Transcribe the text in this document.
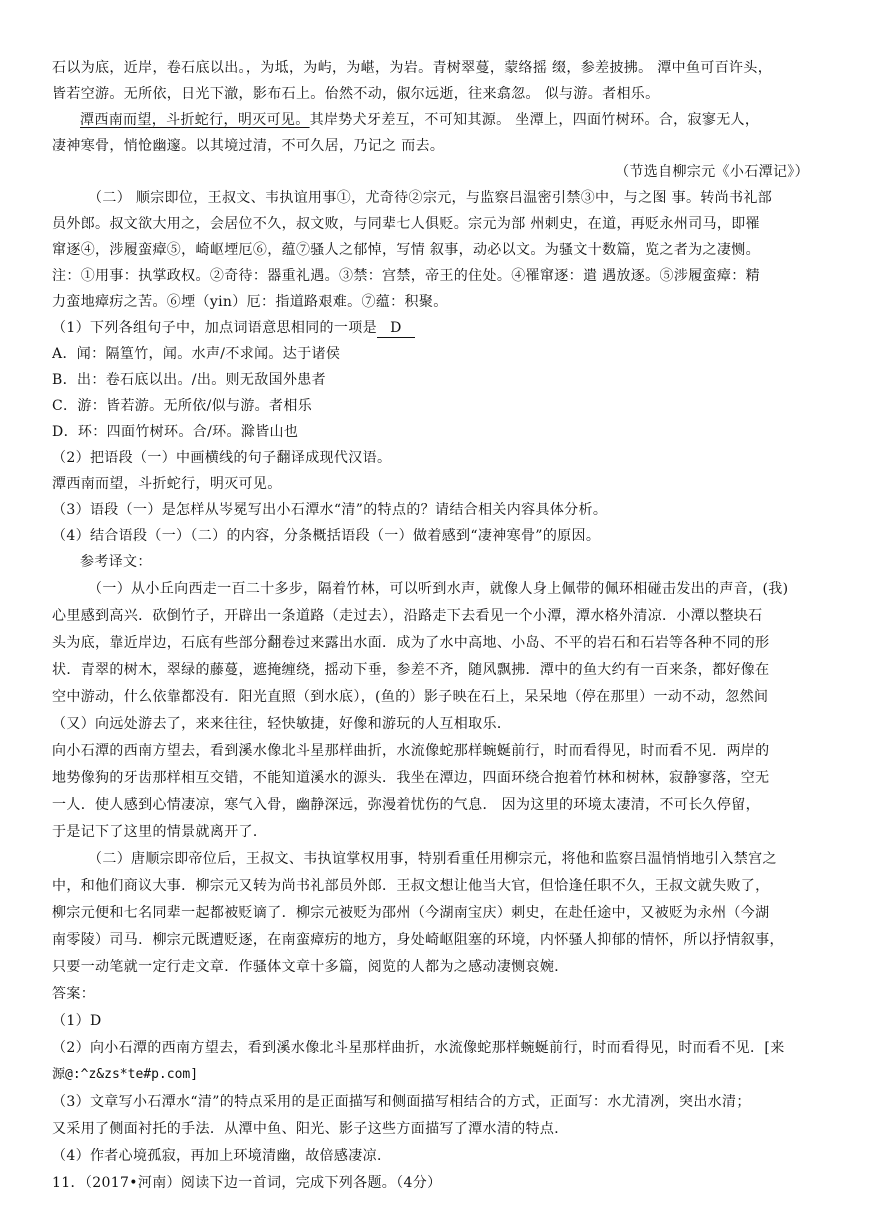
石以为底，近岸，卷石底以出。，为坻，为屿，为嵁，为岩。青树翠蔓，蒙络摇 缀，参差披拂。 潭中鱼可百许头，
皆若空游。无所依，日光下澈，影布石上。佁然不动，俶尔远逝，往来翕忽。 似与游。者相乐。
潭西南而望，斗折蛇行，明灭可见。其岸势犬牙差互，不可知其源。 坐潭上，四面竹树环。合，寂寥无人，
凄神寒骨，悄怆幽邃。以其境过清，不可久居，乃记之 而去。
（节选自柳宗元《小石潭记》）
（二） 顺宗即位，王叔文、韦执谊用事①，尤奇待②宗元，与监察吕温密引禁③中，与之图 事。转尚书礼部
员外郎。叔文欲大用之，会居位不久，叔文败，与同辈七人俱贬。宗元为部 州刺史，在道，再贬永州司马，即罹
窜逐④，涉履蛮瘴⑤，崎岖堙厄⑥，蕴⑦骚人之郁悼，写情 叙事，动必以文。为骚文十数篇，览之者为之凄恻。
注：①用事：执掌政权。②奇待：器重礼遇。③禁：宫禁，帝王的住处。④罹窜逐：遣 遇放逐。⑤涉履蛮瘴：精
力蛮地瘴疠之苦。⑥堙（yin）厄：指道路艰难。⑦蕴：积聚。
（1）下列各组句子中，加点词语意思相同的一项是 D
A．闻：隔篁竹，闻。水声/不求闻。达于诸侯
B．出：卷石底以出。/出。则无敌国外患者
C．游：皆若游。无所依/似与游。者相乐
D．环：四面竹树环。合/环。滁皆山也
（2）把语段（一）中画横线的句子翻译成现代汉语。
潭西南而望，斗折蛇行，明灭可见。
（3）语段（一）是怎样从岑冕写出小石潭水“清”的特点的？请结合相关内容具体分析。
（4）结合语段（一）（二）的内容，分条概括语段（一）做着感到“凄神寒骨”的原因。
参考译文：
（一）从小丘向西走一百二十多步，隔着竹林，可以听到水声，就像人身上佩带的佩环相碰击发出的声音，(我)
心里感到高兴．砍倒竹子，开辟出一条道路（走过去），沿路走下去看见一个小潭，潭水格外清凉．小潭以整块石
头为底，靠近岸边，石底有些部分翻卷过来露出水面．成为了水中高地、小岛、不平的岩石和石岩等各种不同的形
状．青翠的树木，翠绿的藤蔓，遮掩缠绕，摇动下垂，参差不齐，随风飘拂．潭中的鱼大约有一百来条，都好像在
空中游动，什么依靠都没有．阳光直照（到水底），(鱼的）影子映在石上，呆呆地（停在那里）一动不动，忽然间
（又）向远处游去了，来来往往，轻快敏捷，好像和游玩的人互相取乐．
向小石潭的西南方望去，看到溪水像北斗星那样曲折，水流像蛇那样蜿蜒前行，时而看得见，时而看不见．两岸的
地势像狗的牙齿那样相互交错，不能知道溪水的源头．我坐在潭边，四面环绕合抱着竹林和树林，寂静寥落，空无
一人．使人感到心情凄凉，寒气入骨，幽静深远，弥漫着忧伤的气息． 因为这里的环境太凄清，不可长久停留，
于是记下了这里的情景就离开了．
（二）唐顺宗即帝位后，王叔文、韦执谊掌权用事，特别看重任用柳宗元，将他和监察吕温悄悄地引入禁宫之
中，和他们商议大事．柳宗元又转为尚书礼部员外郎．王叔文想让他当大官，但恰逢任职不久，王叔文就失败了，
柳宗元便和七名同辈一起都被贬谪了．柳宗元被贬为邵州（今湖南宝庆）刺史，在赴任途中，又被贬为永州（今湖
南零陵）司马．柳宗元既遭贬逐，在南蛮瘴疠的地方，身处崎岖阻塞的环境，内怀骚人抑郁的情怀，所以抒情叙事，
只要一动笔就一定行走文章．作骚体文章十多篇，阅览的人都为之感动凄恻哀婉．
答案：
（1）D
（2）向小石潭的西南方望去，看到溪水像北斗星那样曲折，水流像蛇那样蜿蜒前行，时而看得见，时而看不见．[来
源@:^z&zs*te#p.com]
（3）文章写小石潭水“清”的特点采用的是正面描写和侧面描写相结合的方式，正面写：水尤清冽，突出水清；
又采用了侧面衬托的手法．从潭中鱼、阳光、影子这些方面描写了潭水清的特点．
（4）作者心境孤寂，再加上环境清幽，故倍感凄凉．
11．（2017•河南）阅读下边一首词，完成下列各题。（4分）
